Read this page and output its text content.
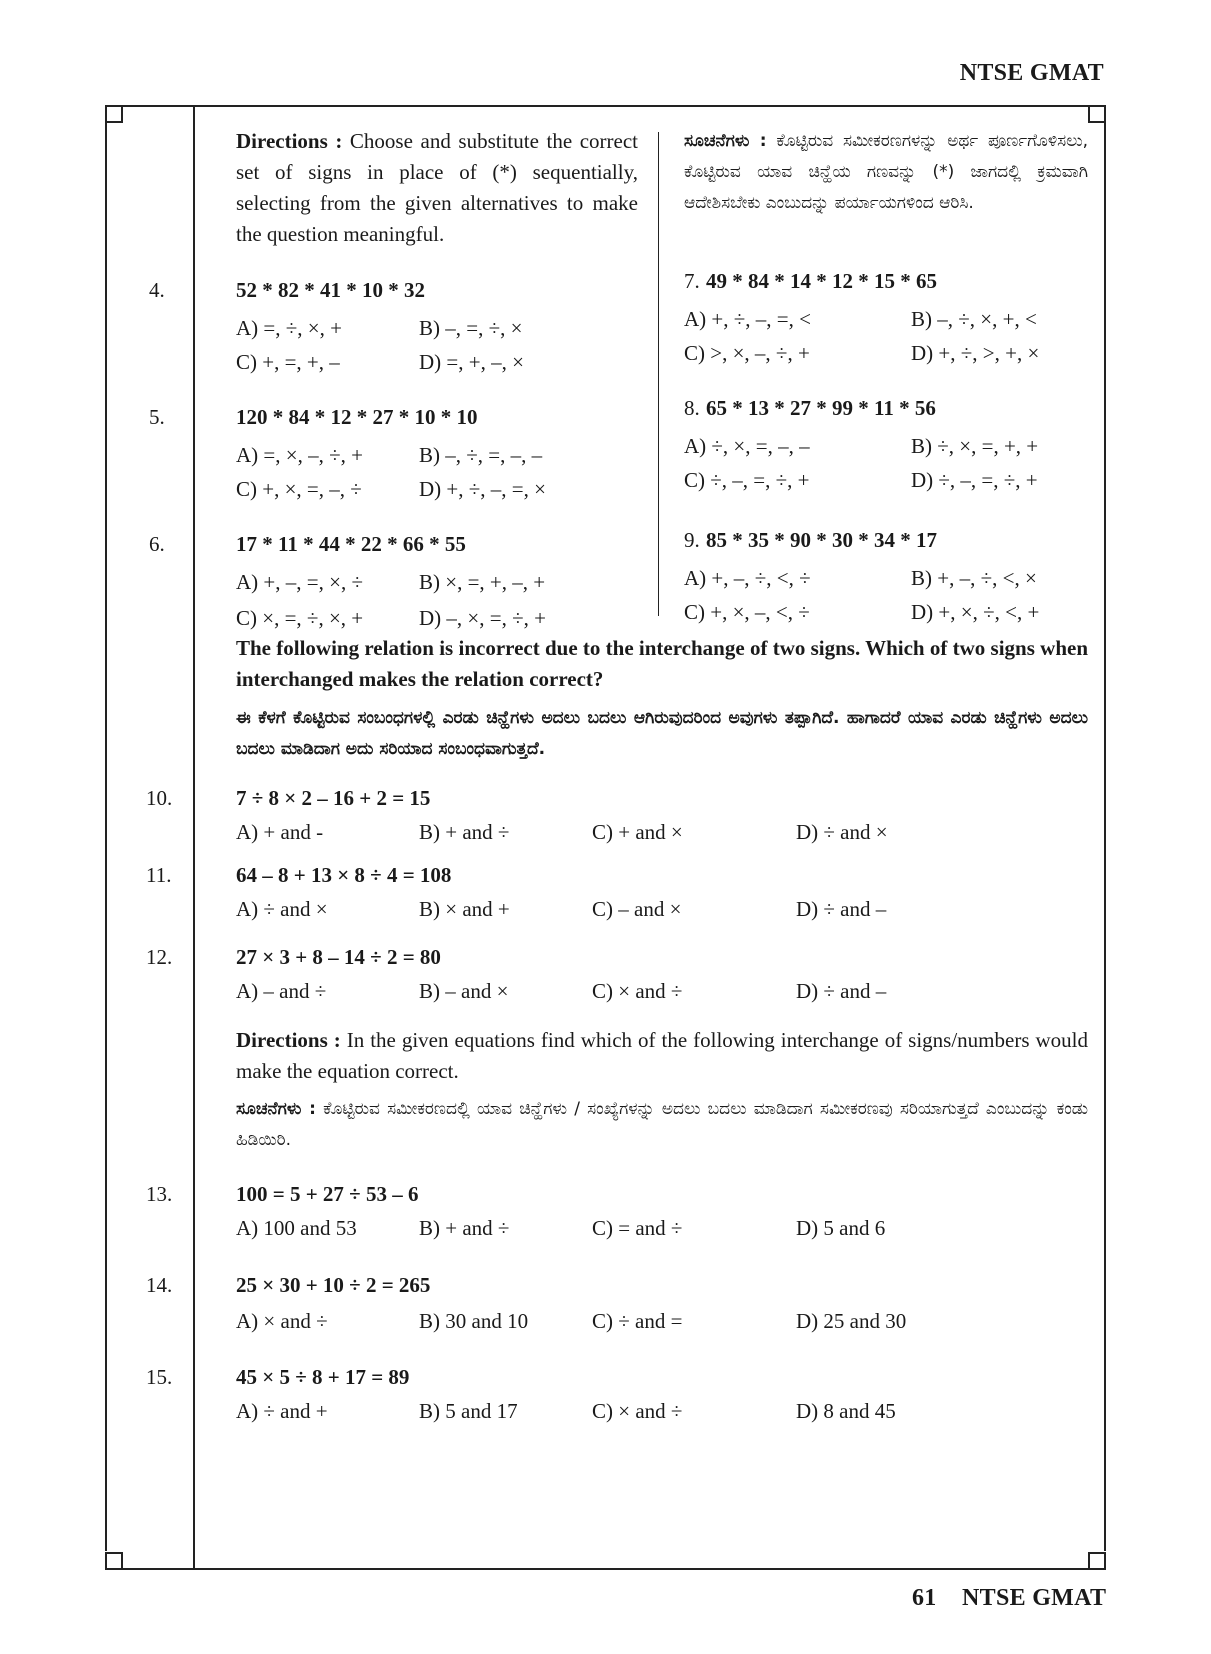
NTSE GMAT
Directions : Choose and substitute the correct set of signs in place of (*) sequentially, selecting from the given alternatives to make the question meaningful.
ಸೂಚನೆಗಳು : ಕೊಟ್ಟಿರುವ ಸಮೀಕರಣಗಳನ್ನು ಅರ್ಥ ಪೂರ್ಣಗೊಳಿಸಲು, ಕೊಟ್ಟಿರುವ ಯಾವ ಚಿನ್ಹೆಯ ಗಣವನ್ನು (*) ಜಾಗದಲ್ಲಿ ಕ್ರಮವಾಗಿ ಆದೇಶಿಸಬೇಕು ಎಂಬುದನ್ನು ಪರ್ಯಾಯಗಳಿಂದ ಆರಿಸಿ.
4.	52 * 82 * 41 * 10 * 32
A) =, ÷, ×, +	B) –, =, ÷, ×
C) +, =, +, –	D) =, +, –, ×
5.	120 * 84 * 12 * 27 * 10 * 10
A) =, ×, –, ÷, +	B) –, ÷, =, –, –
C) +, ×, =, –, ÷	D) +, ÷, –, =, ×
6.	17 * 11 * 44 * 22 * 66 * 55
A) +, –, =, ×, ÷	B) ×, =, +, –, +
C) ×, =, ÷, ×, +	D) –, ×, =, ÷, +
7. 49 * 84 * 14 * 12 * 15 * 65
A) +, ÷, –, =, <	B) –, ÷, ×, +, <
C) >, ×, –, ÷, +	D) +, ÷, >, +, ×
8. 65 * 13 * 27 * 99 * 11 * 56
A) ÷, ×, =, –, –	B) ÷, ×, =, +, +
C) ÷, –, =, ÷, +	D) ÷, –, =, ÷, +
9. 85 * 35 * 90 * 30 * 34 * 17
A) +, –, ÷, <, ÷	B) +, –, ÷, <, ×
C) +, ×, –, <, ÷	D) +, ×, ÷, <, +
The following relation is incorrect due to the interchange of two signs. Which of two signs when interchanged makes the relation correct?
ಈ ಕೆಳಗೆ ಕೊಟ್ಟಿರುವ ಸಂಬಂಧಗಳಲ್ಲಿ ಎರಡು ಚಿನ್ಹೆಗಳು ಅದಲು ಬದಲು ಆಗಿರುವುದರಿಂದ ಅವುಗಳು ತಪ್ಪಾಗಿದೆ. ಹಾಗಾದರೆ ಯಾವ ಎರಡು ಚಿನ್ಹೆಗಳು ಅದಲು ಬದಲು ಮಾಡಿದಾಗ ಅದು ಸರಿಯಾದ ಸಂಬಂಧವಾಗುತ್ತದೆ.
10.	7 ÷ 8 × 2 – 16 + 2 = 15
A) + and -	B) + and ÷	C) + and ×	D) ÷ and ×
11.	64 – 8 + 13 × 8 ÷ 4 = 108
A) ÷ and ×	B) × and +	C) – and ×	D) ÷ and –
12.	27 × 3 + 8 – 14 ÷ 2 = 80
A) – and ÷	B) – and ×	C) × and ÷	D) ÷ and –
Directions : In the given equations find which of the following interchange of signs/numbers would make the equation correct.
ಸೂಚನೆಗಳು : ಕೊಟ್ಟಿರುವ ಸಮೀಕರಣದಲ್ಲಿ ಯಾವ ಚಿನ್ಹೆಗಳು / ಸಂಖ್ಯೆಗಳನ್ನು ಅದಲು ಬದಲು ಮಾಡಿದಾಗ ಸಮೀಕರಣವು ಸರಿಯಾಗುತ್ತದೆ ಎಂಬುದನ್ನು ಕಂಡು ಹಿಡಿಯಿರಿ.
13.	100 = 5 + 27 ÷ 53 – 6
A) 100 and 53	B) + and ÷	C) = and ÷	D) 5 and 6
14.	25 × 30 + 10 ÷ 2 = 265
A) × and ÷	B) 30 and 10	C) ÷ and =	D) 25 and 30
15.	45 × 5 ÷ 8 + 17 = 89
A) ÷ and +	B) 5 and 17	C) × and ÷	D) 8 and 45
61 NTSE GMAT
